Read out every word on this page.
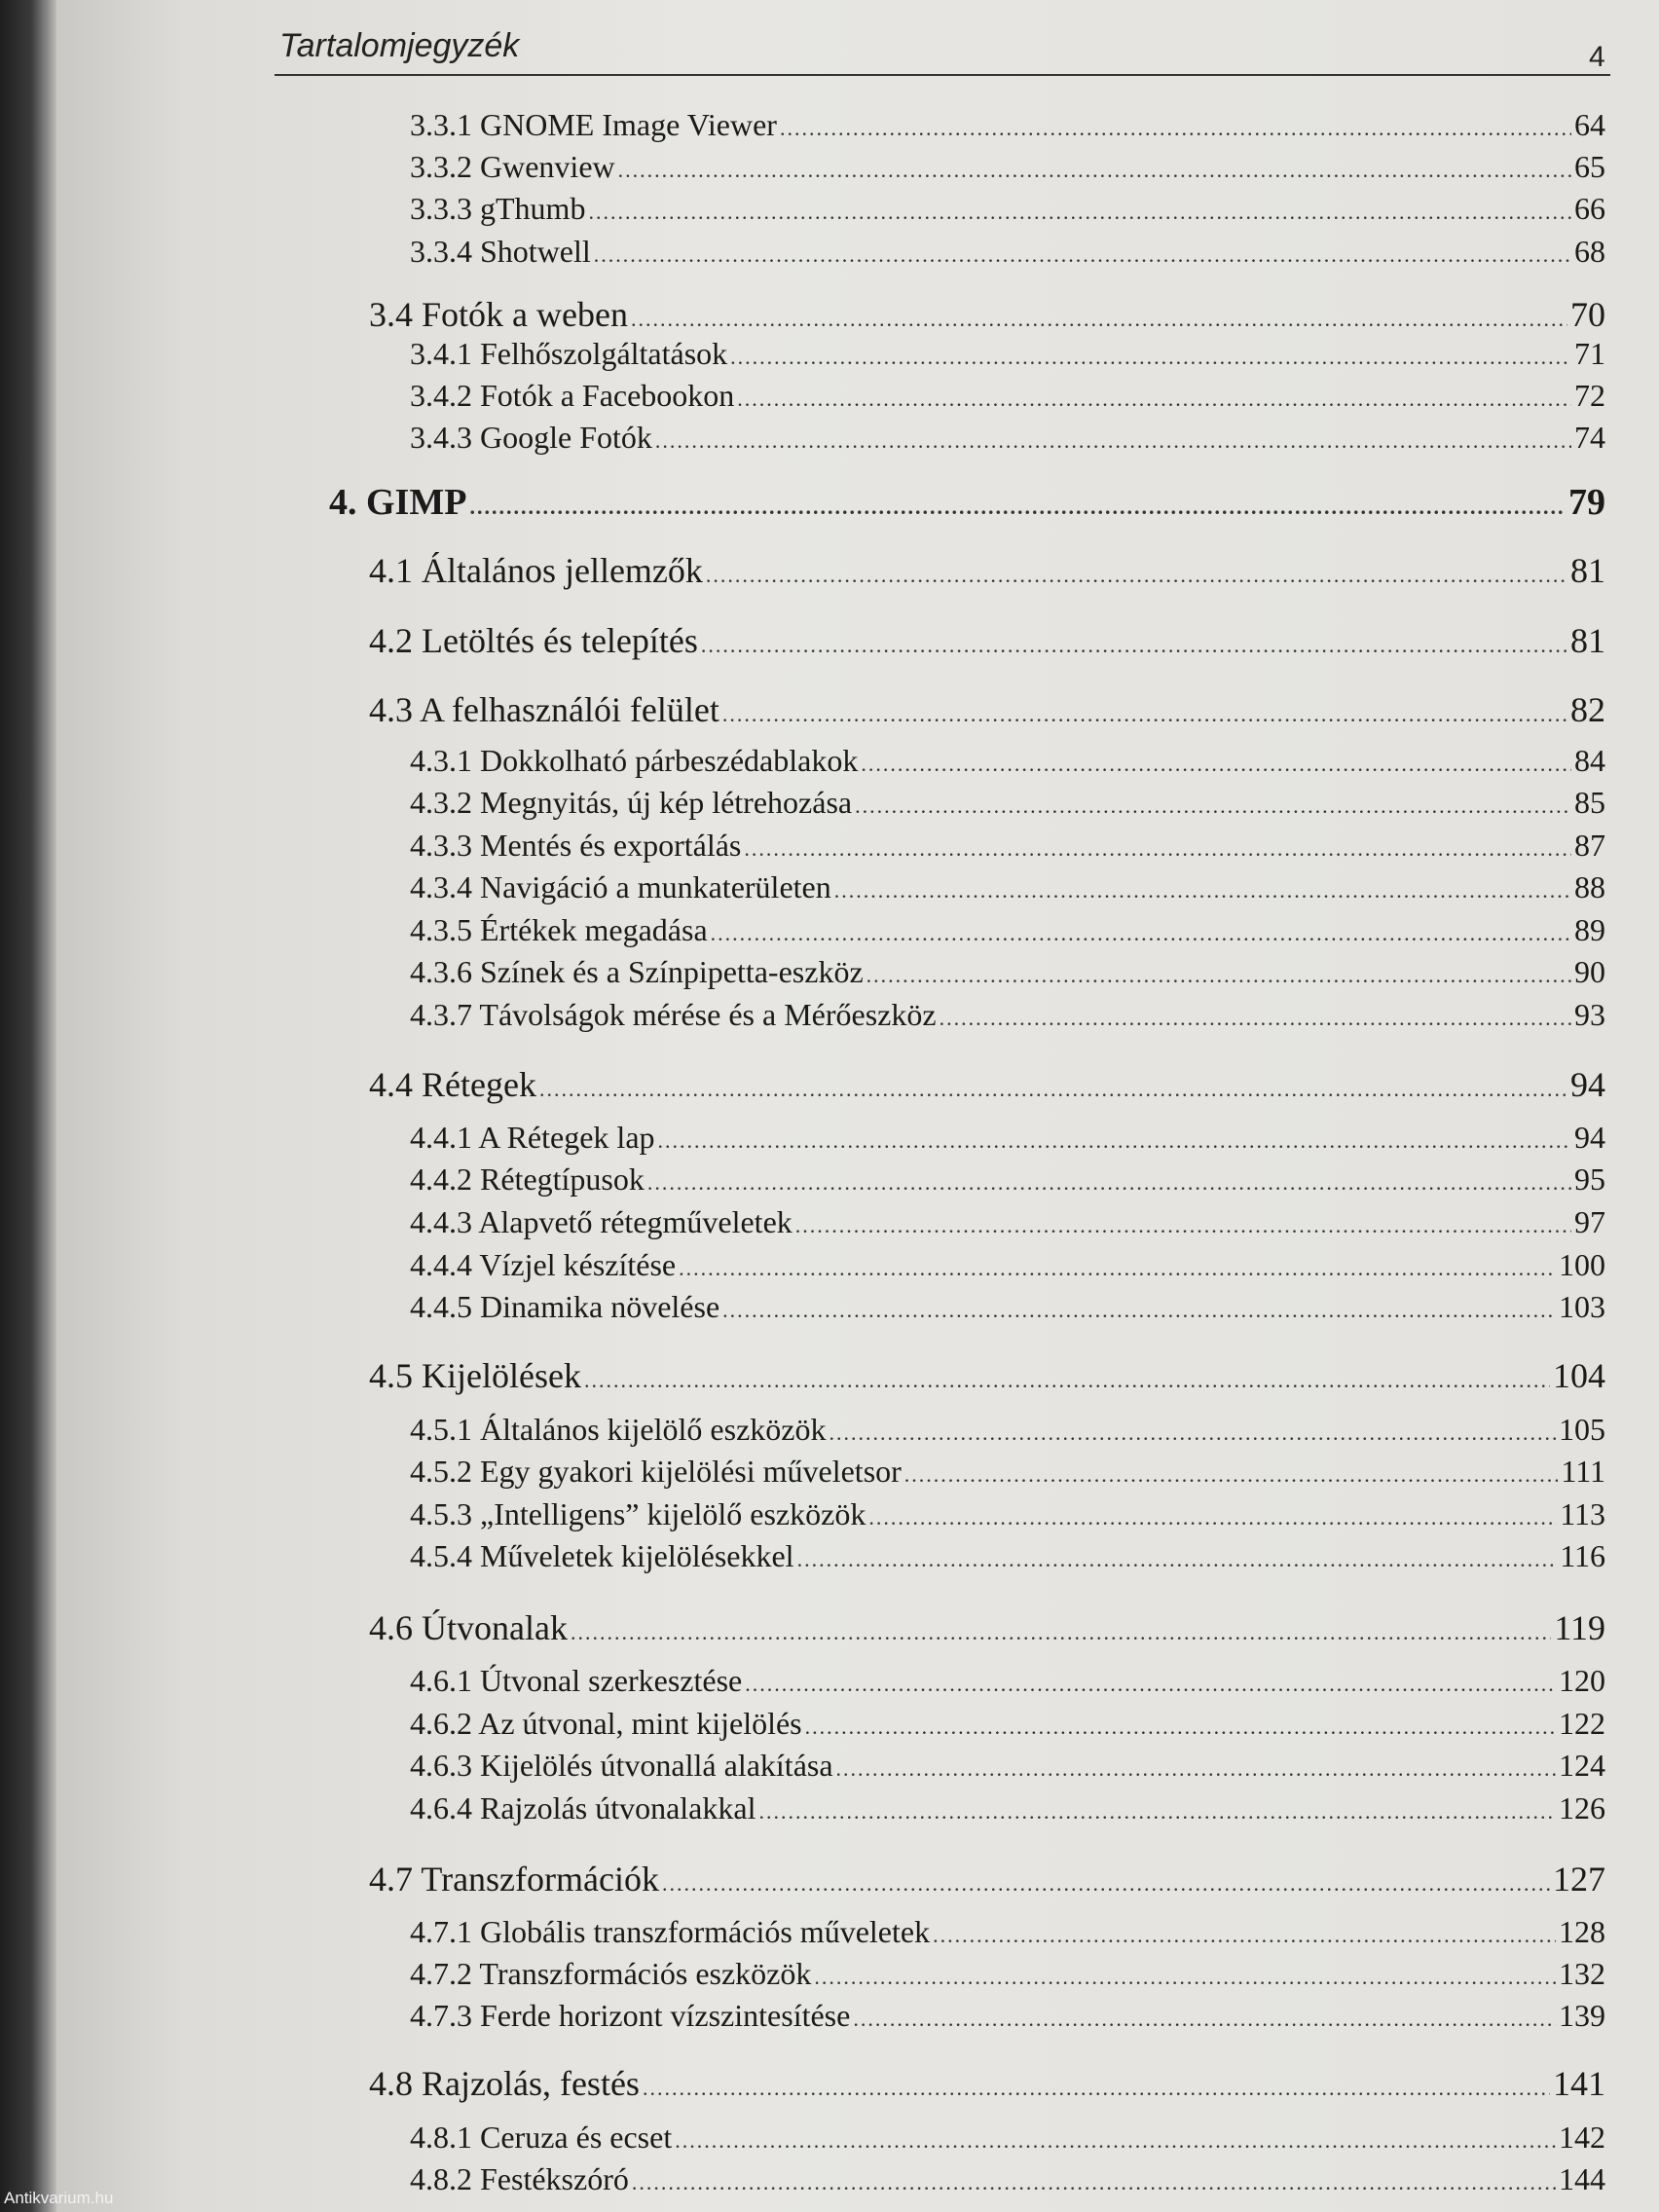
Tartalomjegyzék	4
3.3.1 GNOME Image Viewer .....	64
3.3.2 Gwenview .....	65
3.3.3 gThumb .....	66
3.3.4 Shotwell .....	68
3.4 Fotók a weben .....	70
3.4.1 Felhőszolgáltatások .....	71
3.4.2 Fotók a Facebookon .....	72
3.4.3 Google Fotók .....	74
4. GIMP .....	79
4.1 Általános jellemzők .....	81
4.2 Letöltés és telepítés .....	81
4.3 A felhasználói felület .....	82
4.3.1 Dokkolható párbeszédablakok .....	84
4.3.2 Megnyitás, új kép létrehozása .....	85
4.3.3 Mentés és exportálás .....	87
4.3.4 Navigáció a munkaterületen .....	88
4.3.5 Értékek megadása .....	89
4.3.6 Színek és a Színpipetta-eszköz .....	90
4.3.7 Távolságok mérése és a Mérőeszköz .....	93
4.4 Rétegek .....	94
4.4.1 A Rétegek lap .....	94
4.4.2 Rétegtípusok .....	95
4.4.3 Alapvető rétegműveletek .....	97
4.4.4 Vízjel készítése .....	100
4.4.5 Dinamika növelése .....	103
4.5 Kijelölések .....	104
4.5.1 Általános kijelölő eszközök .....	105
4.5.2 Egy gyakori kijelölési műveletsor .....	111
4.5.3 „Intelligens” kijelölő eszközök .....	113
4.5.4 Műveletek kijelölésekkel .....	116
4.6 Útvonalak .....	119
4.6.1 Útvonal szerkesztése .....	120
4.6.2 Az útvonal, mint kijelölés .....	122
4.6.3 Kijelölés útvonallá alakítása .....	124
4.6.4 Rajzolás útvonalakkal .....	126
4.7 Transzformációk .....	127
4.7.1 Globális transzformációs műveletek .....	128
4.7.2 Transzformációs eszközök .....	132
4.7.3 Ferde horizont vízszintesítése .....	139
4.8 Rajzolás, festés .....	141
4.8.1 Ceruza és ecset .....	142
4.8.2 Festékszóró .....	144
Antikvarium.hu
